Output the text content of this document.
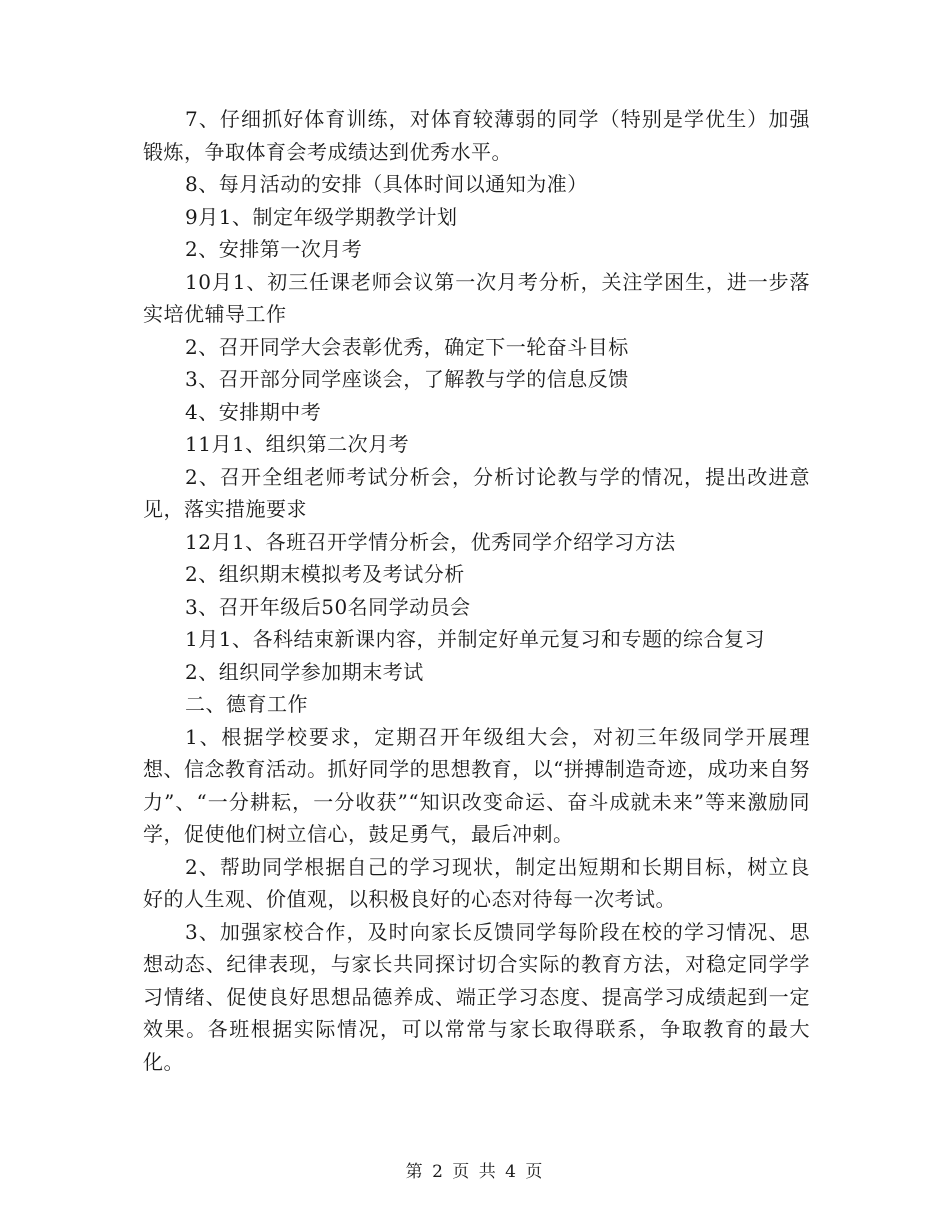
7、仔细抓好体育训练，对体育较薄弱的同学（特别是学优生）加强锻炼，争取体育会考成绩达到优秀水平。

8、每月活动的安排（具体时间以通知为准）

9月1、制定年级学期教学计划

2、安排第一次月考

10月1、初三任课老师会议第一次月考分析，关注学困生，进一步落实培优辅导工作

2、召开同学大会表彰优秀，确定下一轮奋斗目标

3、召开部分同学座谈会，了解教与学的信息反馈

4、安排期中考

11月1、组织第二次月考

2、召开全组老师考试分析会，分析讨论教与学的情况，提出改进意见，落实措施要求

12月1、各班召开学情分析会，优秀同学介绍学习方法

2、组织期末模拟考及考试分析

3、召开年级后50名同学动员会

1月1、各科结束新课内容，并制定好单元复习和专题的综合复习

2、组织同学参加期末考试

二、德育工作

1、根据学校要求，定期召开年级组大会，对初三年级同学开展理想、信念教育活动。抓好同学的思想教育，以“拼搏制造奇迹，成功来自努力”、“一分耕耘，一分收获”“知识改变命运、奋斗成就未来”等来激励同学，促使他们树立信心，鼓足勇气，最后冲刺。

2、帮助同学根据自己的学习现状，制定出短期和长期目标，树立良好的人生观、价值观，以积极良好的心态对待每一次考试。

3、加强家校合作，及时向家长反馈同学每阶段在校的学习情况、思想动态、纪律表现，与家长共同探讨切合实际的教育方法，对稳定同学学习情绪、促使良好思想品德养成、端正学习态度、提高学习成绩起到一定效果。各班根据实际情况，可以常常与家长取得联系，争取教育的最大化。

第 2 页 共 4 页
